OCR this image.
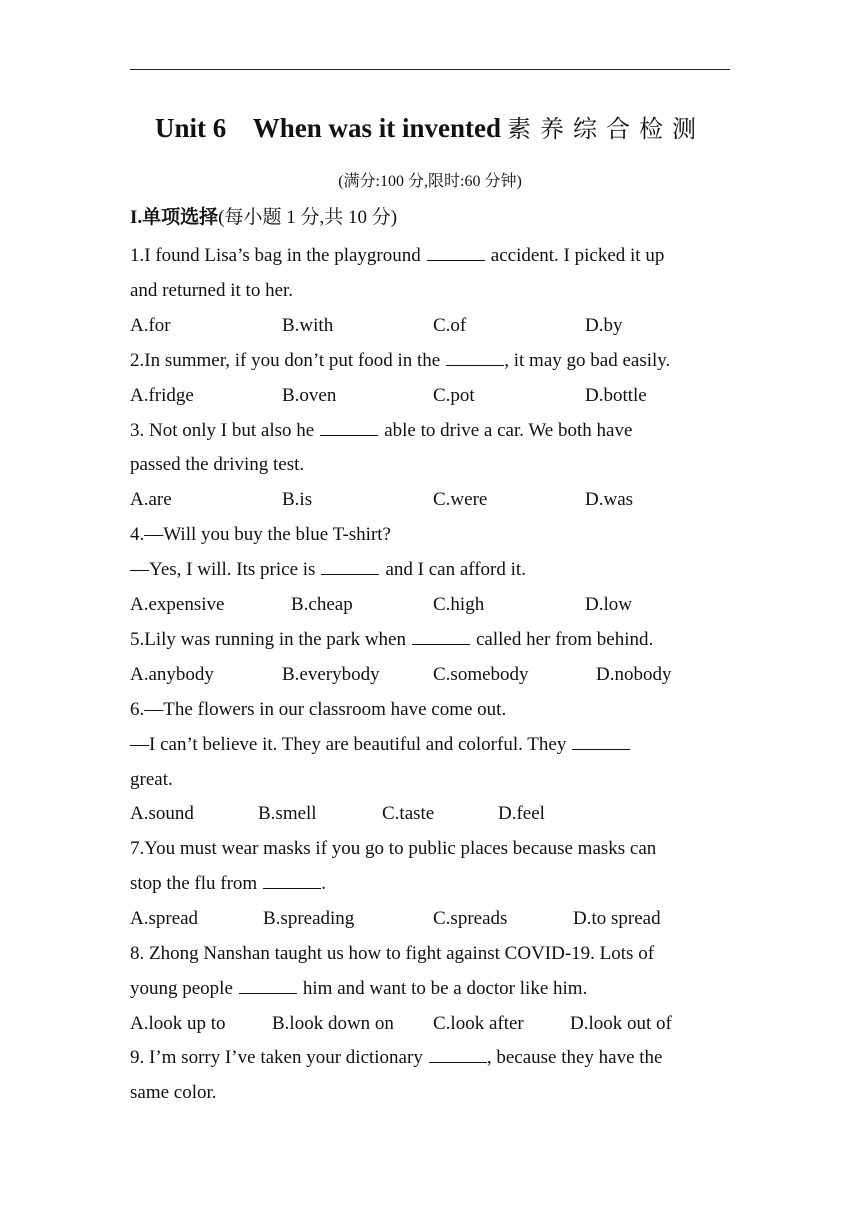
Unit 6    When was it invented 素养综合检测
(满分:100 分,限时:60 分钟)
I.单项选择(每小题 1 分,共 10 分)
1.I found Lisa’s bag in the playground	accident. I picked it up
and returned it to her.
A.for	B.with	C.of	D.by
2.In summer, if you don’t put food in the	, it may go bad easily.
A.fridge	B.oven	C.pot	D.bottle
3. Not only I but also he	able to drive a car. We both have
passed the driving test.
A.are	B.is	C.were	D.was
4.—Will you buy the blue T-shirt?
—Yes, I will. Its price is	and I can afford it.
A.expensive	B.cheap	C.high	D.low
5.Lily was running in the park when	called her from behind.
A.anybody	B.everybody	C.somebody	D.nobody
6.—The flowers in our classroom have come out.
—I can’t believe it. They are beautiful and colorful. They
great.
A.sound	B.smell	C.taste	D.feel
7.You must wear masks if you go to public places because masks can
stop the flu from	.
A.spread	B.spreading	C.spreads	D.to spread
8. Zhong Nanshan taught us how to fight against COVID-19. Lots of
young people	him and want to be a doctor like him.
A.look up to B.look down on C.look after D.look out of
9. I’m sorry I’ve taken your dictionary	, because they have the
same color.
